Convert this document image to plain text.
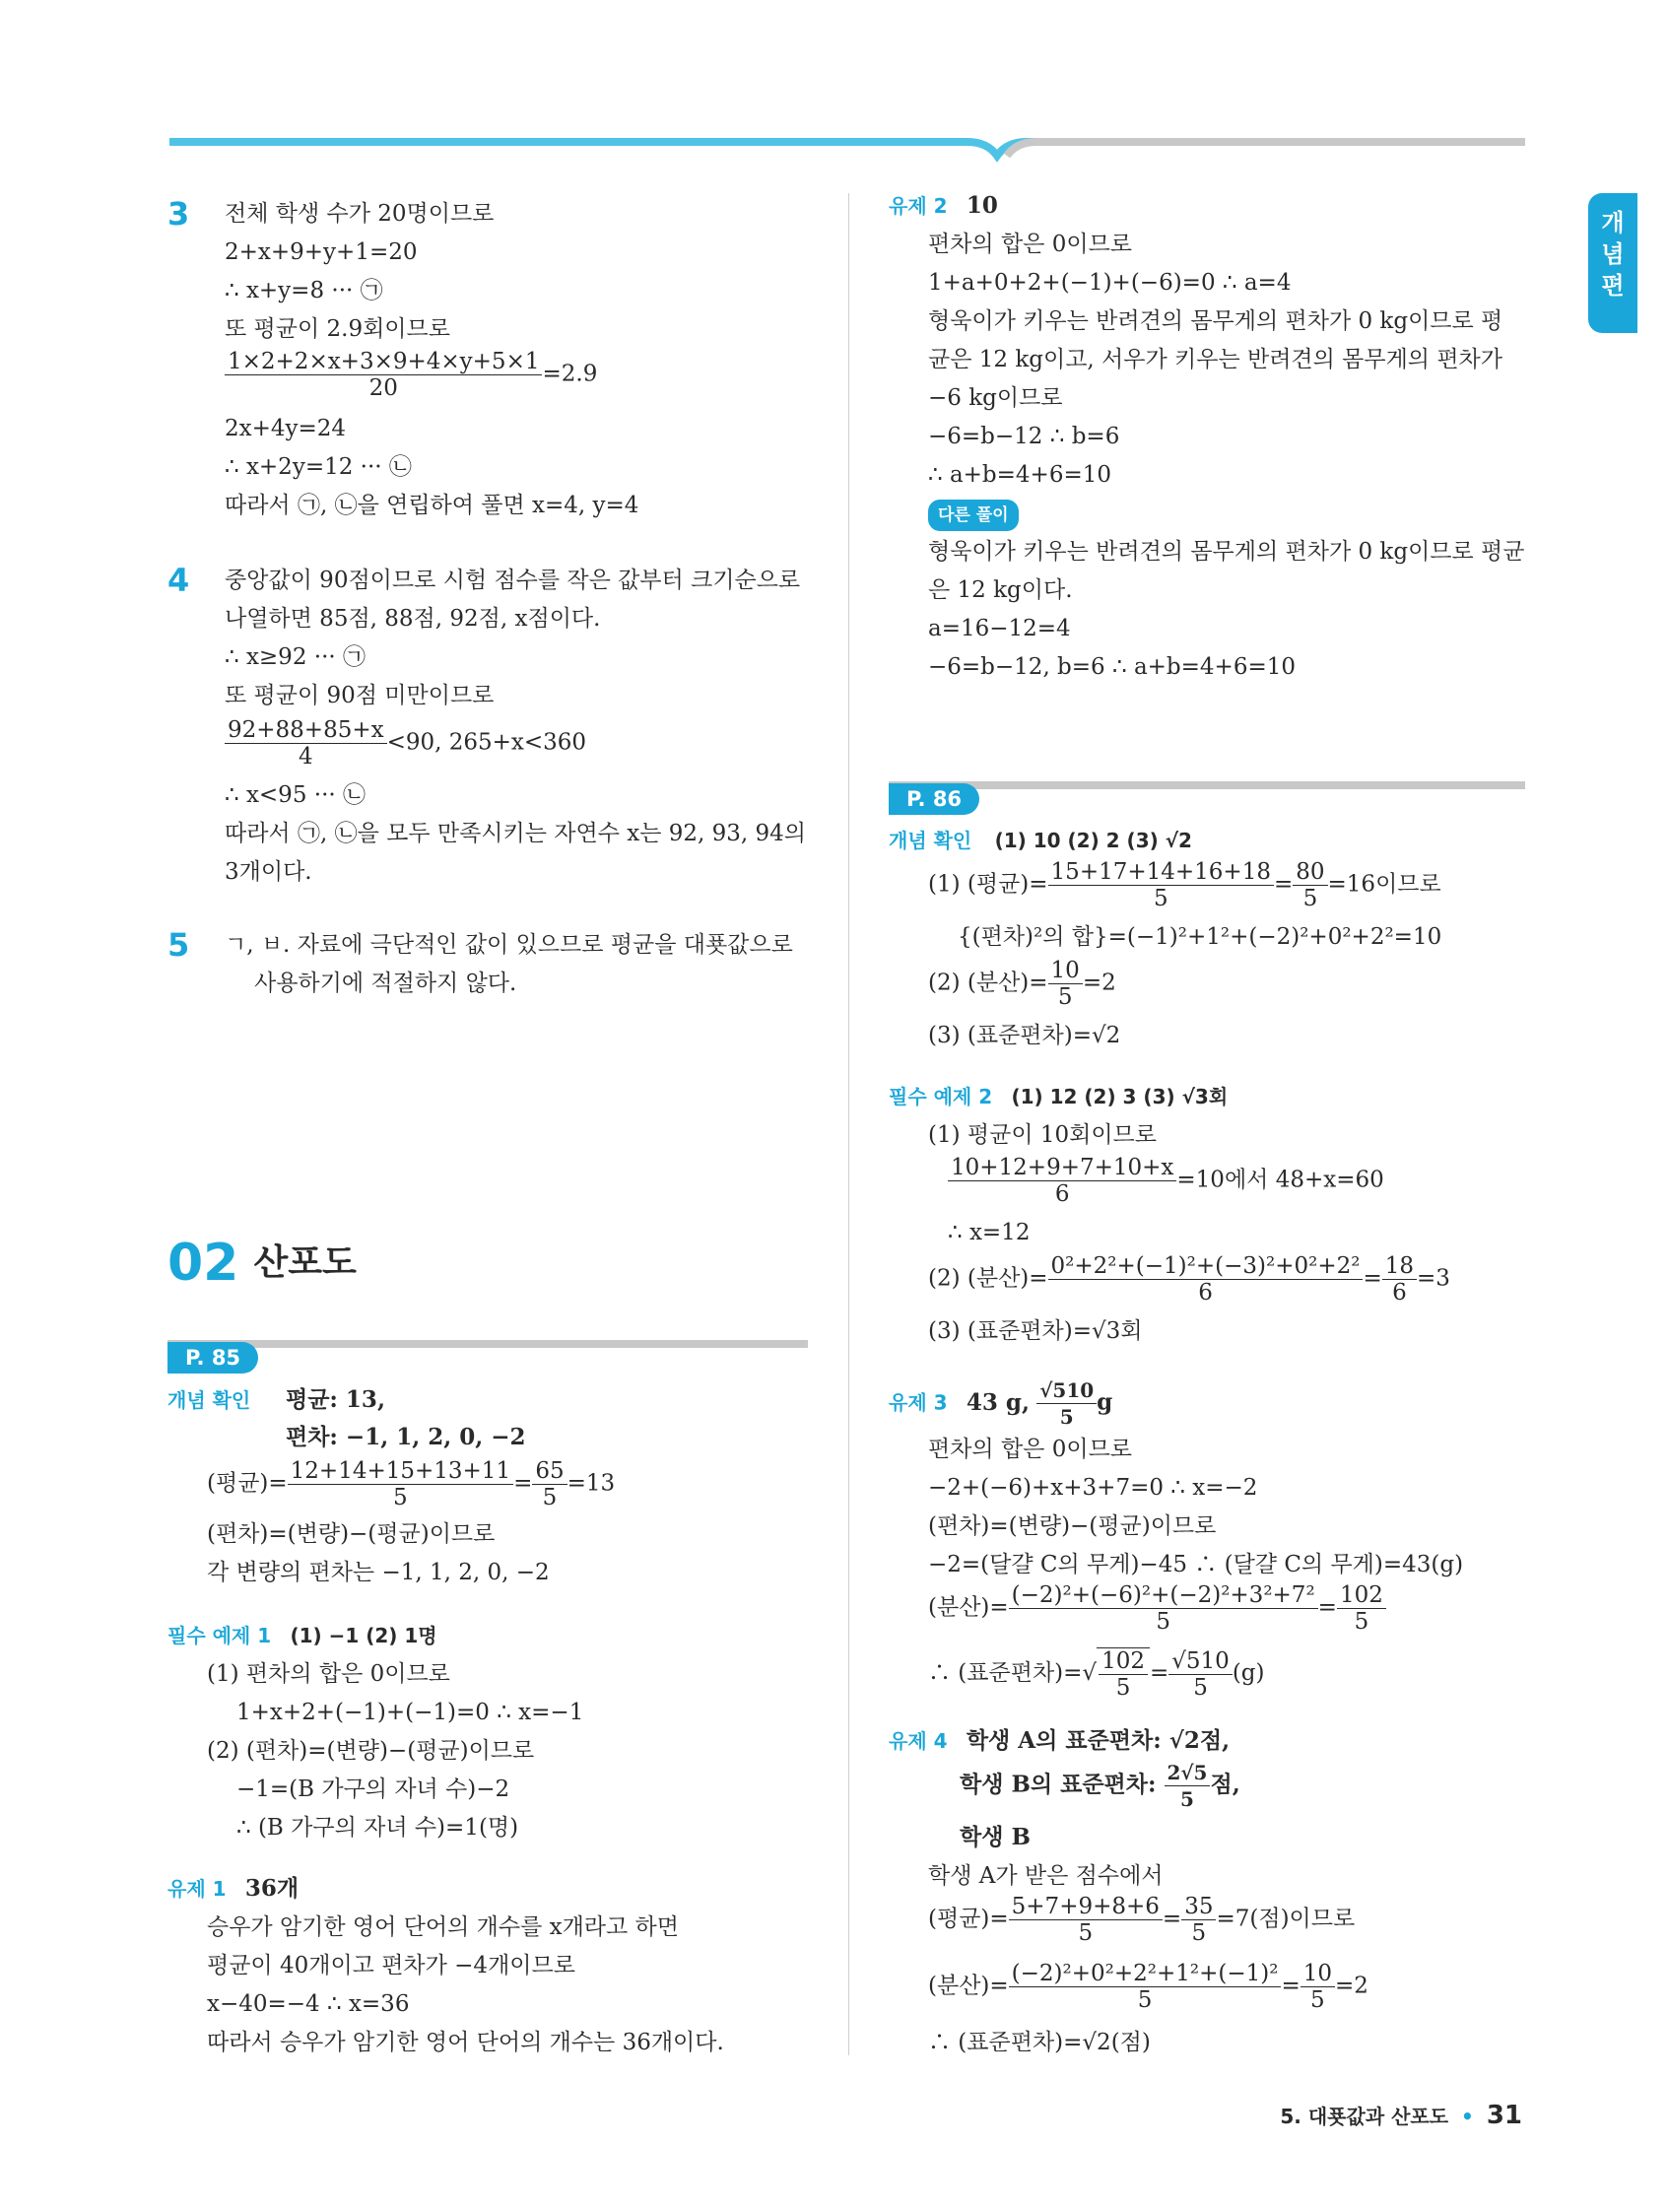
개념편
3 전체 학생 수가 20명이므로
2+x+9+y+1=20
∴ x+y=8 ··· ㉠
또 평균이 2.9회이므로
$\frac{1\times 2+2\times x+3\times 9+4\times y+5\times 1}{20} =2.9$
2x+4y=24
∴ x+2y=12 ··· ㉡
따라서 ㉠, ㉡을 연립하여 풀면 x=4, y=4
4 중앙값이 90점이므로 시험 점수를 작은 값부터 크기순으로
나열하면 85점, 88점, 92점, x점이다.
∴ x≥92 ··· ㉠
또 평균이 90점 미만이므로
$\frac{92+88+85+x}{4} <90$, 265+x<360
∴ x<95 ··· ㉡
따라서 ㉠, ㉡을 모두 만족시키는 자연수 x는 92, 93, 94의
3개이다.
5 ㄱ, ㅂ. 자료에 극단적인 값이 있으므로 평균을 대푯값으로
사용하기에 적절하지 않다.
02 산포도
P. 85
개념 확인 평균: 13,
편차: −1, 1, 2, 0, −2
(평균)= $\frac{12+14+15+13+11}{5} = \frac{65}{5} =13$
(편차)=(변량)−(평균)이므로
각 변량의 편차는 −1, 1, 2, 0, −2
필수 예제 1 (1) −1 (2) 1명
(1) 편차의 합은 0이므로
1+x+2+(−1)+(−1)=0 ∴ x=−1
(2) (편차)=(변량)−(평균)이므로
−1=(B 가구의 자녀 수)−2
∴ (B 가구의 자녀 수)=1(명)
유제 1 36개
승우가 암기한 영어 단어의 개수를 x개라고 하면
평균이 40개이고 편차가 −4개이므로
x−40=−4 ∴ x=36
따라서 승우가 암기한 영어 단어의 개수는 36개이다.
유제 2 10
편차의 합은 0이므로
1+a+0+2+(−1)+(−6)=0 ∴ a=4
형욱이가 키우는 반려견의 몸무게의 편차가 0 kg이므로 평
균은 12 kg이고, 서우가 키우는 반려견의 몸무게의 편차가
−6 kg이므로
−6=b−12 ∴ b=6
∴ a+b=4+6=10
다른 풀이
형욱이가 키우는 반려견의 몸무게의 편차가 0 kg이므로 평균
은 12 kg이다.
a=16−12=4
−6=b−12, b=6 ∴ a+b=4+6=10
P. 86
개념 확인 (1) 10 (2) 2 (3) √2
(1) (평균)= $\frac{15+17+14+16+18}{5} = \frac{80}{5} =16$이므로
{(편차)²의 합}=(−1)²+1²+(−2)²+0²+2²=10
(2) (분산)= $\frac{10}{5} =2$
(3) (표준편차)=√2
필수 예제 2 (1) 12 (2) 3 (3) √3회
(1) 평균이 10회이므로
$\frac{10+12+9+7+10+x}{6} =10$에서 48+x=60
∴ x=12
(2) (분산)= $\frac{\text{0²+2²+(−1)²+(−3)²+0²+2²}}{6} = \frac{18}{6} =3$
(3) (표준편차)=√3회
유제 3 43 g, $\frac{√510}{5}$ g
편차의 합은 0이므로
−2+(−6)+x+3+7=0 ∴ x=−2
(편차)=(변량)−(평균)이므로
−2=(달걀 C의 무게)−45 ∴ (달걀 C의 무게)=43(g)
(분산)= $\frac{\text{(−2)²+(−6)²+(−2)²+3²+7²}}{5} = \frac{102}{5}$
∴ (표준편차)=√ $\frac{102}{5} = \frac{√510}{5} (g)$
유제 4 학생 A의 표준편차: √2점,
학생 B의 표준편차: $\frac{2√5}{5}$ 점,
학생 B
학생 A가 받은 점수에서
(평균)= $\frac{5+7+9+8+6}{5} = \frac{35}{5} =7$(점)이므로
(분산)= $\frac{\text{(−2)²+0²+2²+1²+(−1)²}}{5} = \frac{10}{5} =2$
∴ (표준편차)=√2(점)
5. 대푯값과 산포도 • 31
